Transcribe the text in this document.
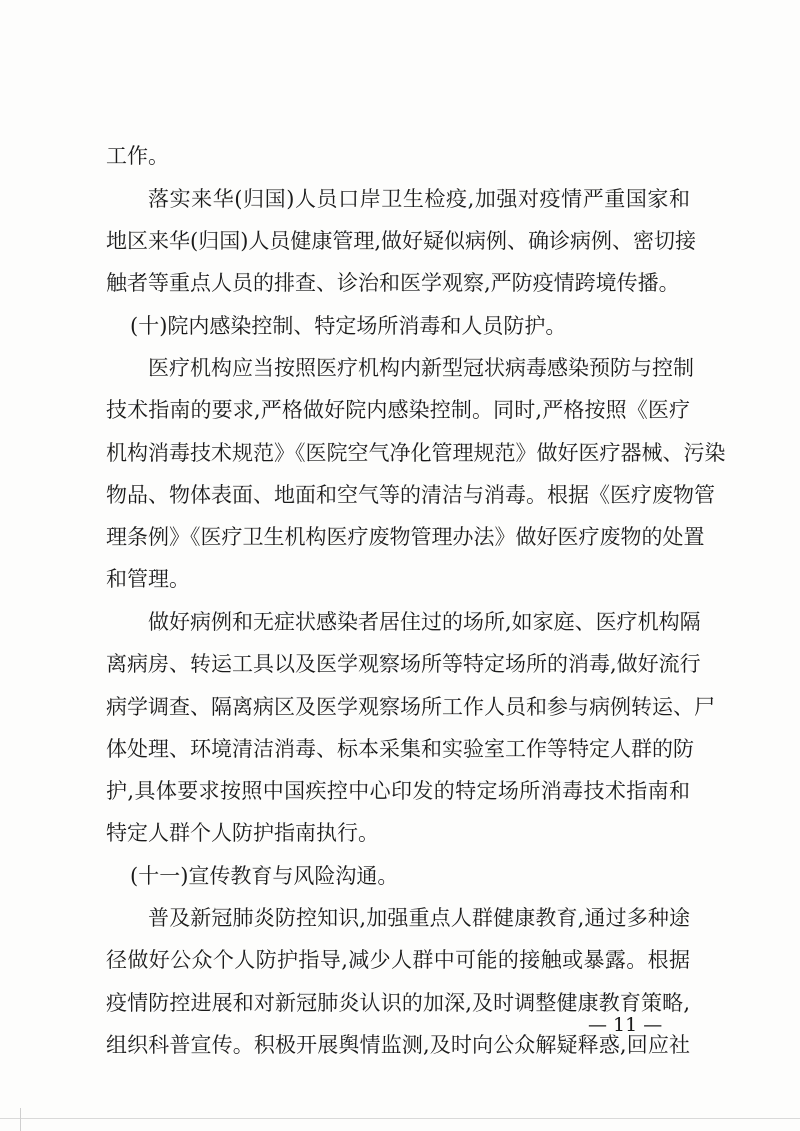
工作。

落实来华(归国)人员口岸卫生检疫,加强对疫情严重国家和

地区来华(归国)人员健康管理,做好疑似病例、确诊病例、密切接

触者等重点人员的排查、诊治和医学观察,严防疫情跨境传播。

(十)院内感染控制、特定场所消毒和人员防护。

医疗机构应当按照医疗机构内新型冠状病毒感染预防与控制

技术指南的要求,严格做好院内感染控制。同时,严格按照《医疗

机构消毒技术规范》《医院空气净化管理规范》做好医疗器械、污染

物品、物体表面、地面和空气等的清洁与消毒。根据《医疗废物管

理条例》《医疗卫生机构医疗废物管理办法》做好医疗废物的处置

和管理。

做好病例和无症状感染者居住过的场所,如家庭、医疗机构隔

离病房、转运工具以及医学观察场所等特定场所的消毒,做好流行

病学调查、隔离病区及医学观察场所工作人员和参与病例转运、尸

体处理、环境清洁消毒、标本采集和实验室工作等特定人群的防

护,具体要求按照中国疾控中心印发的特定场所消毒技术指南和

特定人群个人防护指南执行。

(十一)宣传教育与风险沟通。

普及新冠肺炎防控知识,加强重点人群健康教育,通过多种途

径做好公众个人防护指导,减少人群中可能的接触或暴露。根据

疫情防控进展和对新冠肺炎认识的加深,及时调整健康教育策略,

组织科普宣传。积极开展舆情监测,及时向公众解疑释惑,回应社

— 11 —
